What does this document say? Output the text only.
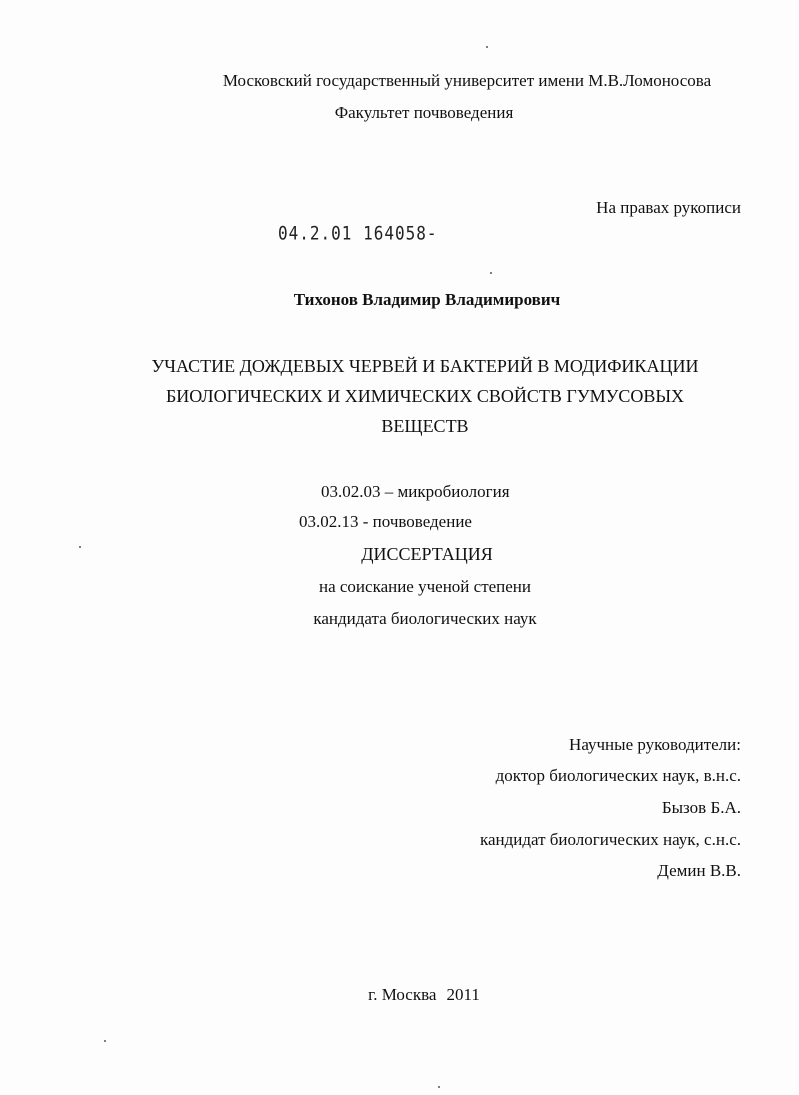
Московский государственный университет имени М.В.Ломоносова
Факультет почвоведения
На правах рукописи
04.2.01 164058-
Тихонов Владимир Владимирович
УЧАСТИЕ ДОЖДЕВЫХ ЧЕРВЕЙ И БАКТЕРИЙ В МОДИФИКАЦИИ
БИОЛОГИЧЕСКИХ И ХИМИЧЕСКИХ СВОЙСТВ ГУМУСОВЫХ
ВЕЩЕСТВ
03.02.03 – микробиология
03.02.13 - почвоведение
ДИССЕРТАЦИЯ
на соискание ученой степени
кандидата биологических наук
Научные руководители:
доктор биологических наук, в.н.с.
Бызов Б.А.
кандидат биологических наук, с.н.с.
Демин В.В.
г. Москва 2011
